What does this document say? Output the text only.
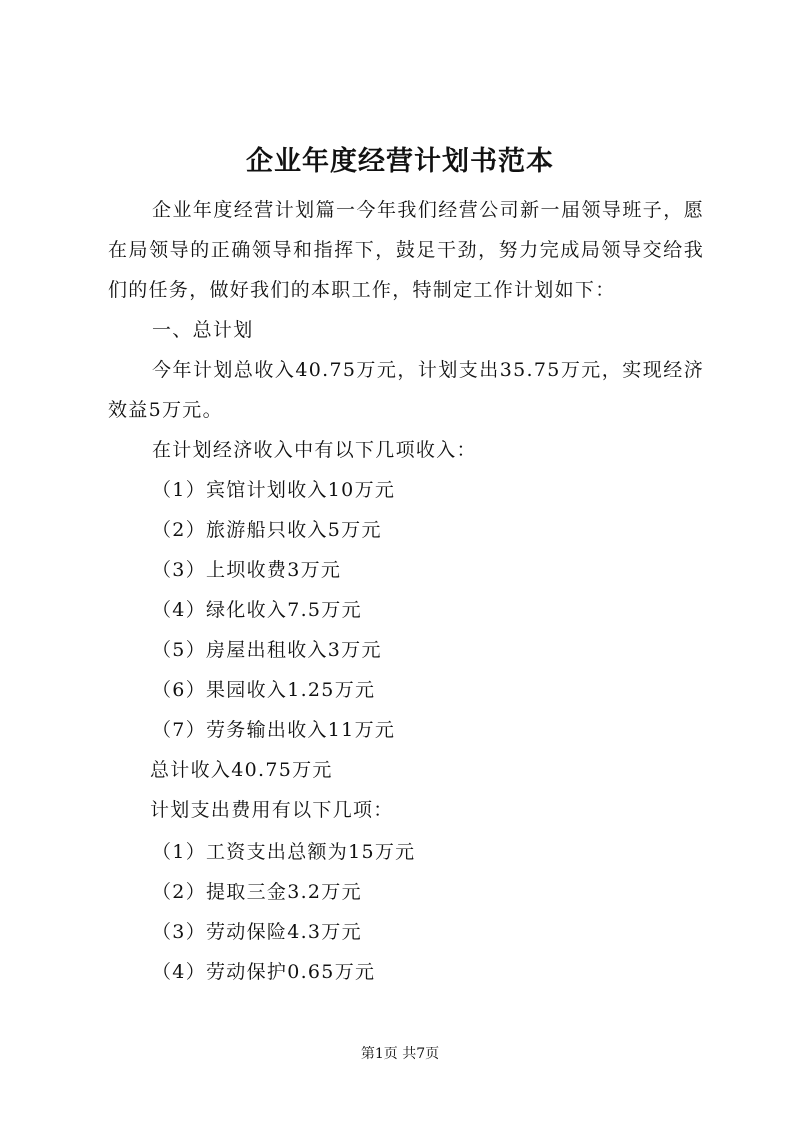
企业年度经营计划书范本
企业年度经营计划篇一今年我们经营公司新一届领导班子，愿在局领导的正确领导和指挥下，鼓足干劲，努力完成局领导交给我们的任务，做好我们的本职工作，特制定工作计划如下：
一、总计划
今年计划总收入40.75万元，计划支出35.75万元，实现经济效益5万元。
在计划经济收入中有以下几项收入：
（1）宾馆计划收入10万元
（2）旅游船只收入5万元
（3）上坝收费3万元
（4）绿化收入7.5万元
（5）房屋出租收入3万元
（6）果园收入1.25万元
（7）劳务输出收入11万元
总计收入40.75万元
计划支出费用有以下几项：
（1）工资支出总额为15万元
（2）提取三金3.2万元
（3）劳动保险4.3万元
（4）劳动保护0.65万元
第1页 共7页
